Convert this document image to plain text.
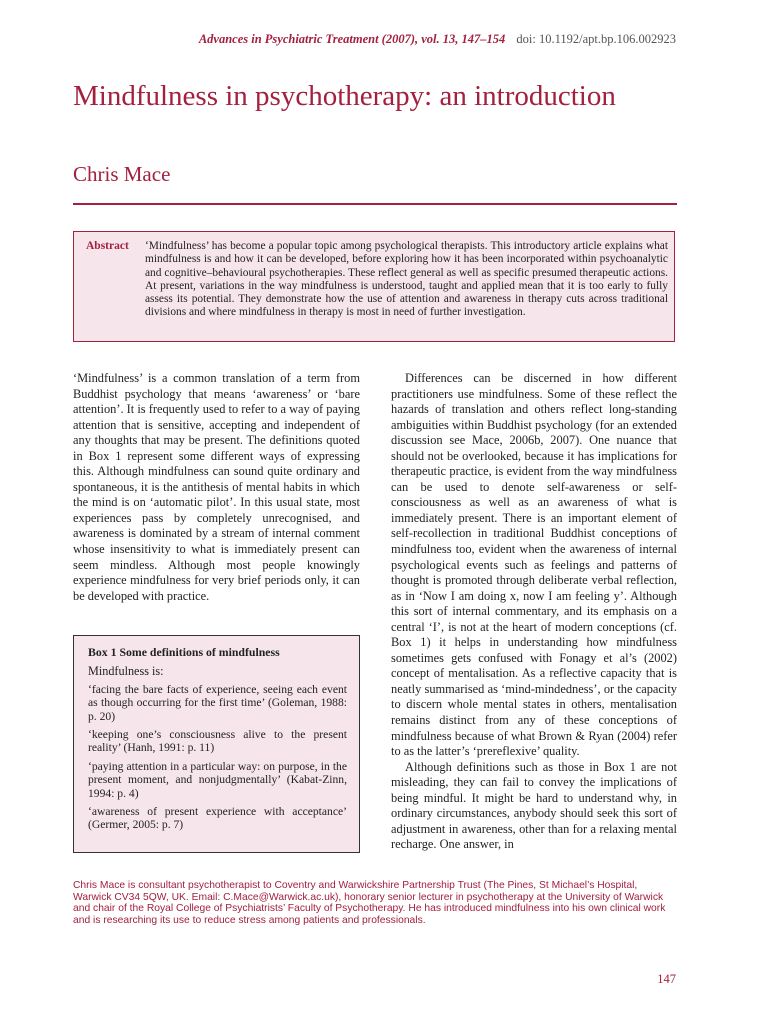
Advances in Psychiatric Treatment (2007), vol. 13, 147–154 doi: 10.1192/apt.bp.106.002923
Mindfulness in psychotherapy: an introduction
Chris Mace
Abstract ‘Mindfulness’ has become a popular topic among psychological therapists. This introductory article explains what mindfulness is and how it can be developed, before exploring how it has been incorporated within psychoanalytic and cognitive–behavioural psychotherapies. These reflect general as well as specific presumed therapeutic actions. At present, variations in the way mindfulness is understood, taught and applied mean that it is too early to fully assess its potential. They demonstrate how the use of attention and awareness in therapy cuts across traditional divisions and where mindfulness in therapy is most in need of further investigation.

‘Mindfulness’ is a common translation of a term from Buddhist psychology that means ‘awareness’ or ‘bare attention’. It is frequently used to refer to a way of paying attention that is sensitive, accepting and independent of any thoughts that may be present. The definitions quoted in Box 1 represent some different ways of expressing this. Although mindfulness can sound quite ordinary and spontaneous, it is the antithesis of mental habits in which the mind is on ‘automatic pilot’. In this usual state, most experiences pass by completely unrecognised, and awareness is dominated by a stream of internal comment whose insensitivity to what is immediately present can seem mindless. Although most people knowingly experience mindfulness for very brief periods only, it can be developed with practice.

Box 1 Some definitions of mindfulness
Mindfulness is:
‘facing the bare facts of experience, seeing each event as though occurring for the first time’ (Goleman, 1988: p. 20)
‘keeping one’s consciousness alive to the present reality’ (Hanh, 1991: p. 11)
‘paying attention in a particular way: on purpose, in the present moment, and nonjudgmentally’ (Kabat-Zinn, 1994: p. 4)
‘awareness of present experience with acceptance’ (Germer, 2005: p. 7)

Differences can be discerned in how different practitioners use mindfulness. Some of these reflect the hazards of translation and others reflect long-standing ambiguities within Buddhist psychology (for an extended discussion see Mace, 2006b, 2007). One nuance that should not be overlooked, because it has implications for therapeutic practice, is evident from the way mindfulness can be used to denote self-awareness or self-consciousness as well as an awareness of what is immediately present. There is an important element of self-recollection in traditional Buddhist conceptions of mindfulness too, evident when the awareness of internal psychological events such as feelings and patterns of thought is promoted through deliberate verbal reflection, as in ‘Now I am doing x, now I am feeling y’. Although this sort of internal commentary, and its emphasis on a central ‘I’, is not at the heart of modern conceptions (cf. Box 1) it helps in understanding how mindfulness sometimes gets confused with Fonagy et al’s (2002) concept of mentalisation. As a reflective capacity that is neatly summarised as ‘mind-mindedness’, or the capacity to discern whole mental states in others, mentalisation remains distinct from any of these conceptions of mindfulness because of what Brown & Ryan (2004) refer to as the latter’s ‘prereflexive’ quality.

Although definitions such as those in Box 1 are not misleading, they can fail to convey the implications of being mindful. It might be hard to understand why, in ordinary circumstances, anybody should seek this sort of adjustment in awareness, other than for a relaxing mental recharge. One answer, in

Chris Mace is consultant psychotherapist to Coventry and Warwickshire Partnership Trust (The Pines, St Michael’s Hospital, Warwick CV34 5QW, UK. Email: C.Mace@Warwick.ac.uk), honorary senior lecturer in psychotherapy at the University of Warwick and chair of the Royal College of Psychiatrists’ Faculty of Psychotherapy. He has introduced mindfulness into his own clinical work and is researching its use to reduce stress among patients and professionals.
147
